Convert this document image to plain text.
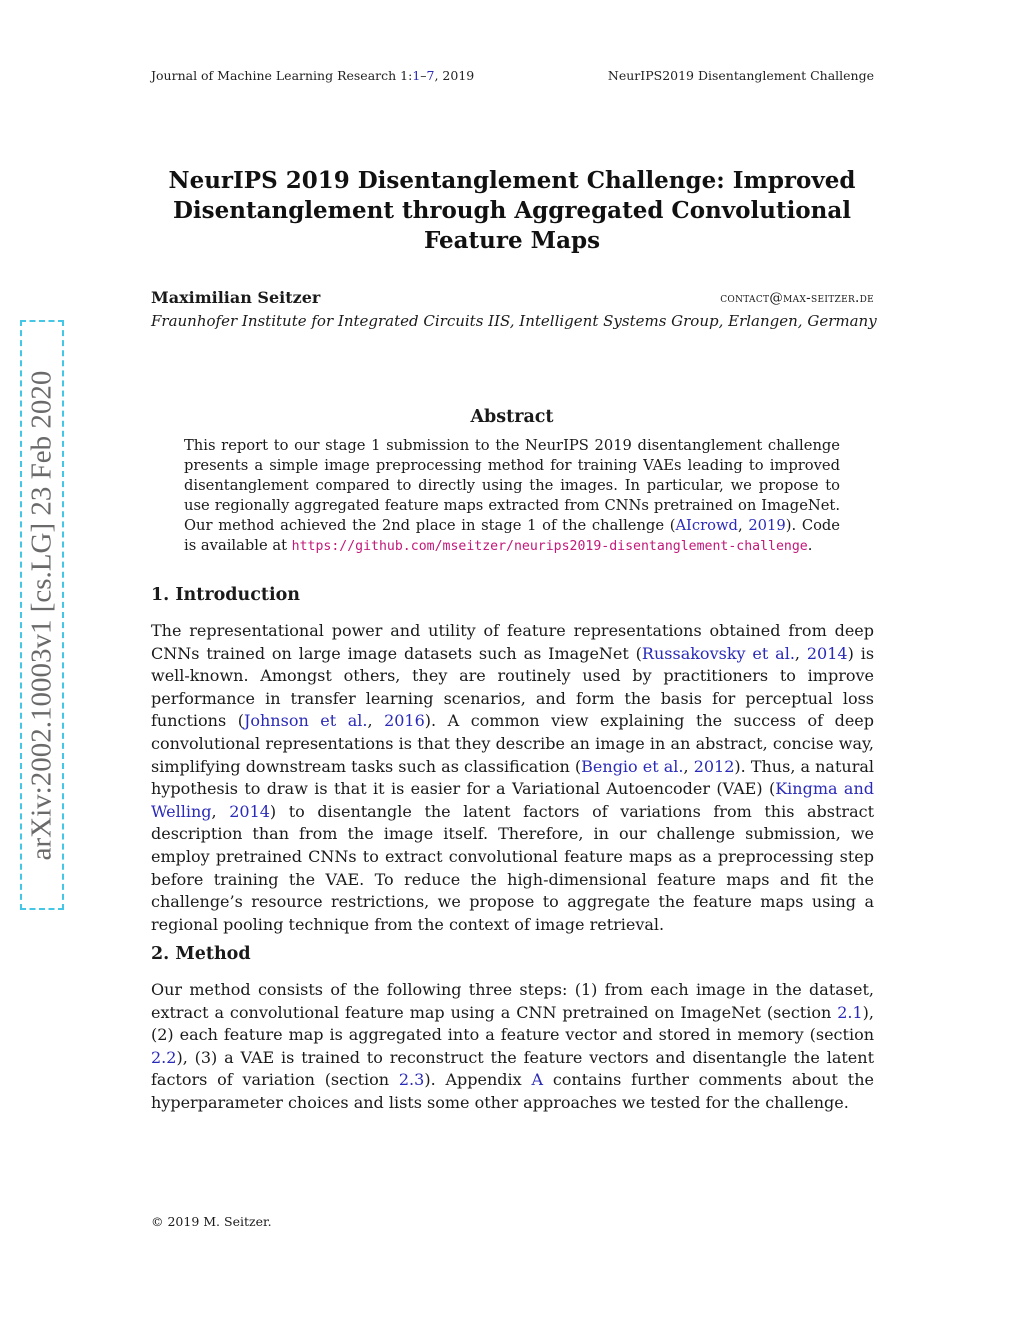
Journal of Machine Learning Research 1:1–7, 2019	NeurIPS2019 Disentanglement Challenge
arXiv:2002.10003v1 [cs.LG] 23 Feb 2020
NeurIPS 2019 Disentanglement Challenge: Improved Disentanglement through Aggregated Convolutional Feature Maps
Maximilian Seitzer	contact@max-seitzer.de
Fraunhofer Institute for Integrated Circuits IIS, Intelligent Systems Group, Erlangen, Germany
Abstract
This report to our stage 1 submission to the NeurIPS 2019 disentanglement challenge presents a simple image preprocessing method for training VAEs leading to improved disentanglement compared to directly using the images. In particular, we propose to use regionally aggregated feature maps extracted from CNNs pretrained on ImageNet. Our method achieved the 2nd place in stage 1 of the challenge (AIcrowd, 2019). Code is available at https://github.com/mseitzer/neurips2019-disentanglement-challenge.
1. Introduction
The representational power and utility of feature representations obtained from deep CNNs trained on large image datasets such as ImageNet (Russakovsky et al., 2014) is well-known. Amongst others, they are routinely used by practitioners to improve performance in transfer learning scenarios, and form the basis for perceptual loss functions (Johnson et al., 2016). A common view explaining the success of deep convolutional representations is that they describe an image in an abstract, concise way, simplifying downstream tasks such as classification (Bengio et al., 2012). Thus, a natural hypothesis to draw is that it is easier for a Variational Autoencoder (VAE) (Kingma and Welling, 2014) to disentangle the latent factors of variations from this abstract description than from the image itself. Therefore, in our challenge submission, we employ pretrained CNNs to extract convolutional feature maps as a preprocessing step before training the VAE. To reduce the high-dimensional feature maps and fit the challenge’s resource restrictions, we propose to aggregate the feature maps using a regional pooling technique from the context of image retrieval.
2. Method
Our method consists of the following three steps: (1) from each image in the dataset, extract a convolutional feature map using a CNN pretrained on ImageNet (section 2.1), (2) each feature map is aggregated into a feature vector and stored in memory (section 2.2), (3) a VAE is trained to reconstruct the feature vectors and disentangle the latent factors of variation (section 2.3). Appendix A contains further comments about the hyperparameter choices and lists some other approaches we tested for the challenge.
© 2019 M. Seitzer.
